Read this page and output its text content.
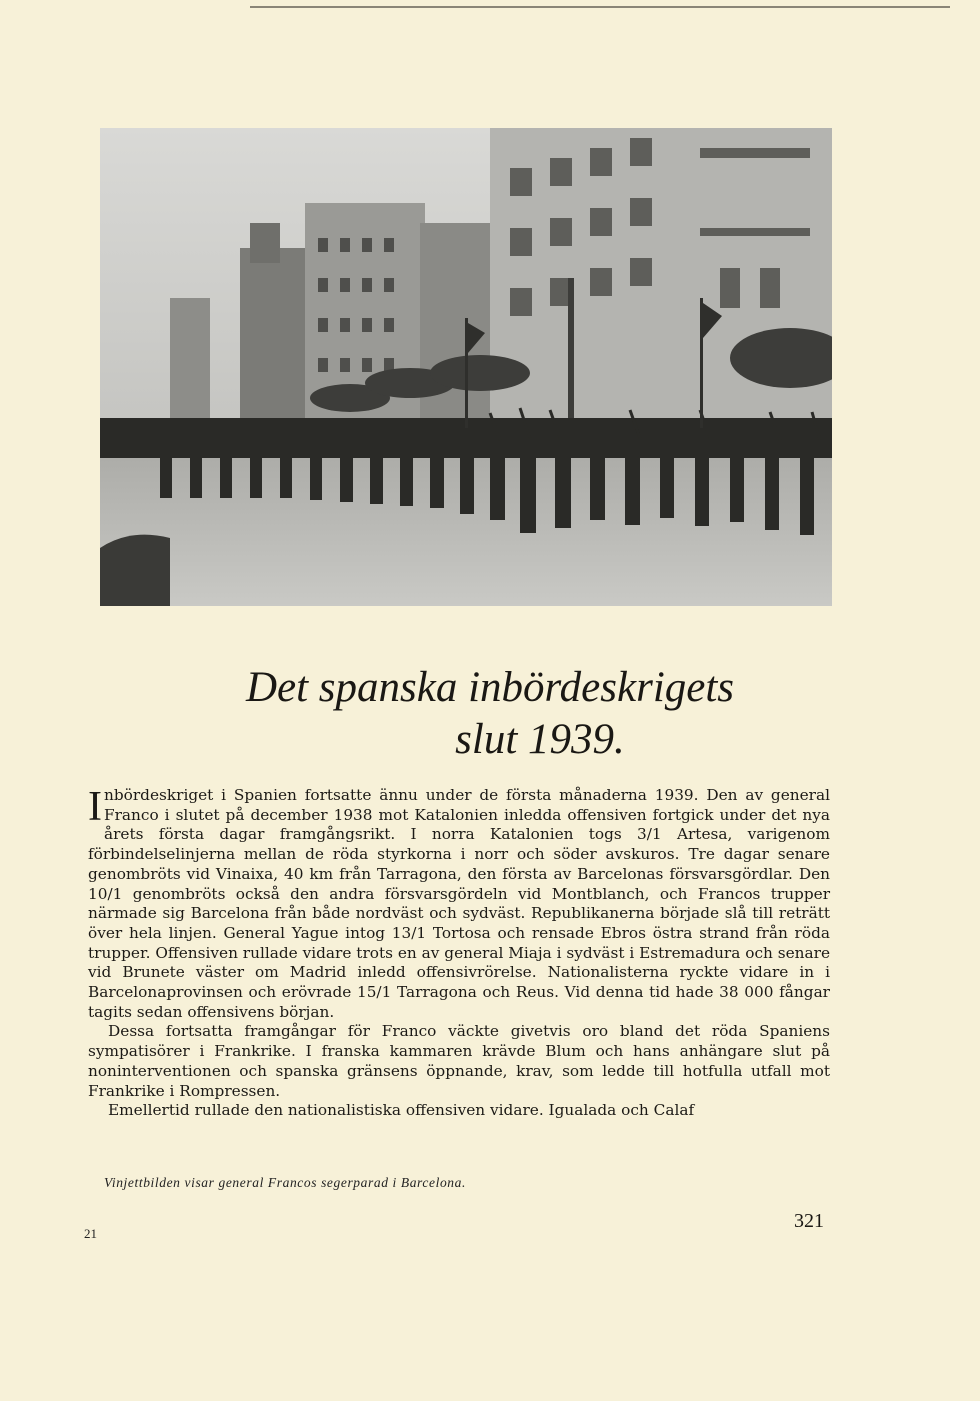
Det spanska inbördeskrigets
slut 1939.

Inbördeskriget i Spanien fortsatte ännu under de första månaderna 1939. Den av general Franco i slutet på december 1938 mot Katalonien inledda offensiven fortgick under det nya årets första dagar framgångsrikt. I norra Katalonien togs 3/1 Artesa, varigenom förbindelselinjerna mellan de röda styrkorna i norr och söder avskuros. Tre dagar senare genombröts vid Vinaixa, 40 km från Tarragona, den första av Barcelonas försvarsgördlar. Den 10/1 genombröts också den andra försvarsgördeln vid Montblanch, och Francos trupper närmade sig Barcelona från både nordväst och sydväst. Republikanerna började slå till reträtt över hela linjen. General Yague intog 13/1 Tortosa och rensade Ebros östra strand från röda trupper. Offensiven rullade vidare trots en av general Miaja i sydväst i Estremadura och senare vid Brunete väster om Madrid inledd offensivrörelse. Nationalisterna ryckte vidare in i Barcelonaprovinsen och erövrade 15/1 Tarragona och Reus. Vid denna tid hade 38 000 fångar tagits sedan offensivens början.

Dessa fortsatta framgångar för Franco väckte givetvis oro bland det röda Spaniens sympatisörer i Frankrike. I franska kammaren krävde Blum och hans anhängare slut på noninterventionen och spanska gränsens öppnande, krav, som ledde till hotfulla utfall mot Frankrike i Rompressen.

Emellertid rullade den nationalistiska offensiven vidare. Igualada och Calaf

Vinjettbilden visar general Francos segerparad i Barcelona.
21
321
